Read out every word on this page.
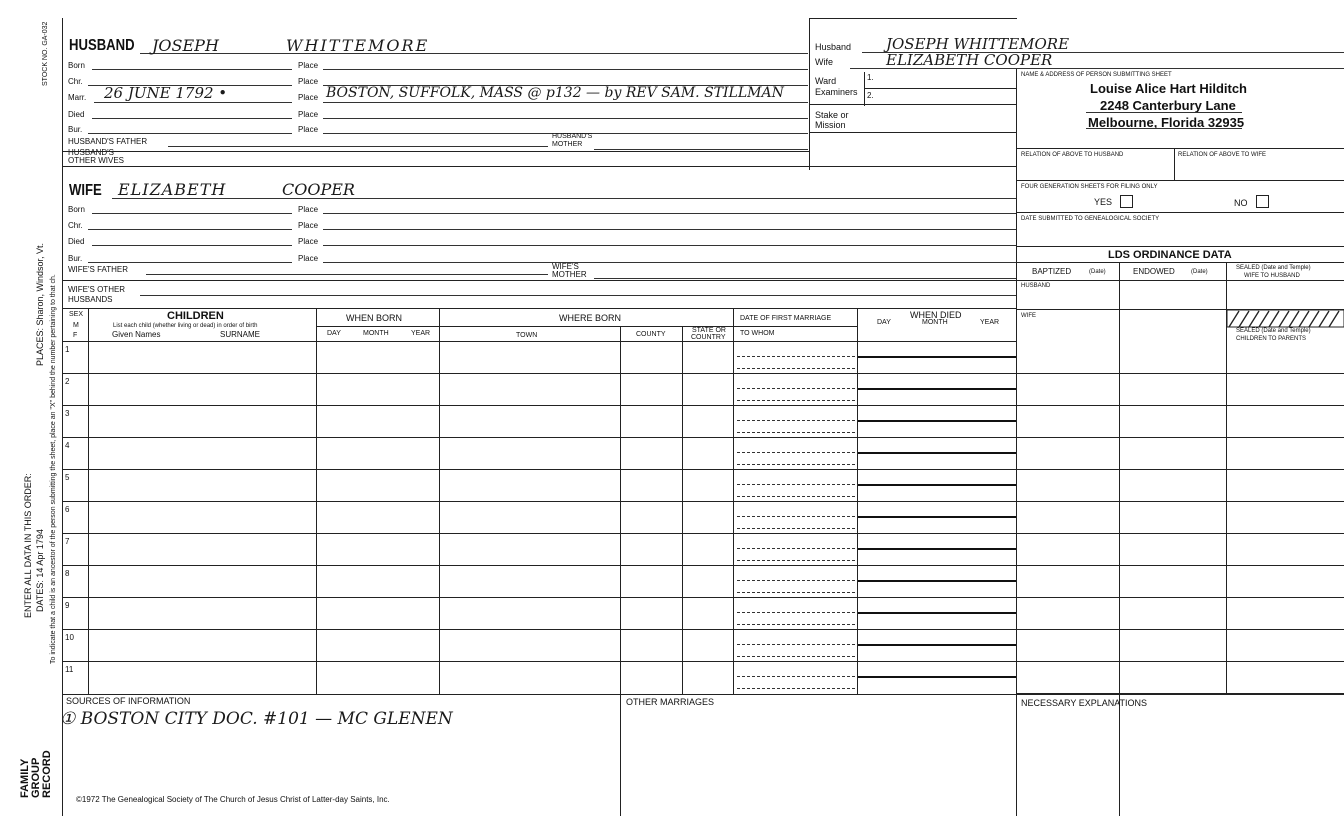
STOCK NO. GA-032
PLACES: Sharon, Windsor, Vt.
ENTER ALL DATA IN THIS ORDER: DATES: 14 Apr 1794 To indicate that a child is an ancestor of the person submitting the sheet, place an "X" behind the number pertaining to that ch.
FAMILY GROUP RECORD
HUSBAND JOSEPH	WHITTEMORE
Born	Place
Chr.	Place
Marr. 26 JUNE 1792 •	Place BOSTON, SUFFOLK, MASS @ p132 — by REV SAM. STILLMAN
Died	Place
Bur.	Place
HUSBAND'S FATHER
HUSBAND'S MOTHER
HUSBAND'S OTHER WIVES
WIFE ELIZABETH	COOPER
Born	Place
Chr.	Place
Died	Place
Bur.	Place
WIFE'S FATHER	WIFE'S MOTHER
WIFE'S OTHER HUSBANDS
SEX
M
F
CHILDREN
List each child (whether living or dead) in order of birth
Given Names	SURNAME
WHEN BORN
DAY	MONTH	YEAR
WHERE BORN
TOWN	COUNTY
STATE OR
COUNTRY
DATE OF FIRST MARRIAGE
TO WHOM
WHEN DIED
DAY	MONTH	YEAR
1
2
3
4
5
6
7
8
9
10
11
Husband JOSEPH WHITTEMORE
Wife	ELIZABETH COOPER
Ward	1.
Examiners 2.
Stake or
Mission
NAME & ADDRESS OF PERSON SUBMITTING SHEET
Louise Alice Hart Hilditch
2248 Canterbury Lane
Melbourne, Florida 32935
RELATION OF ABOVE TO HUSBAND	RELATION OF ABOVE TO WIFE
FOUR GENERATION SHEETS FOR FILING ONLY
YES	NO
DATE SUBMITTED TO GENEALOGICAL SOCIETY
LDS ORDINANCE DATA
BAPTIZED	(Date)	ENDOWED	(Date)
SEALED (Date and Temple)
WIFE TO HUSBAND
HUSBAND
WIFE
SEALED (Date and Temple)
CHILDREN TO PARENTS
SOURCES OF INFORMATION
① BOSTON CITY DOC. #101 — MC GLENEN
OTHER MARRIAGES	NECESSARY EXPLANATIONS
©1972 The Genealogical Society of The Church of Jesus Christ of Latter-day Saints, Inc.
